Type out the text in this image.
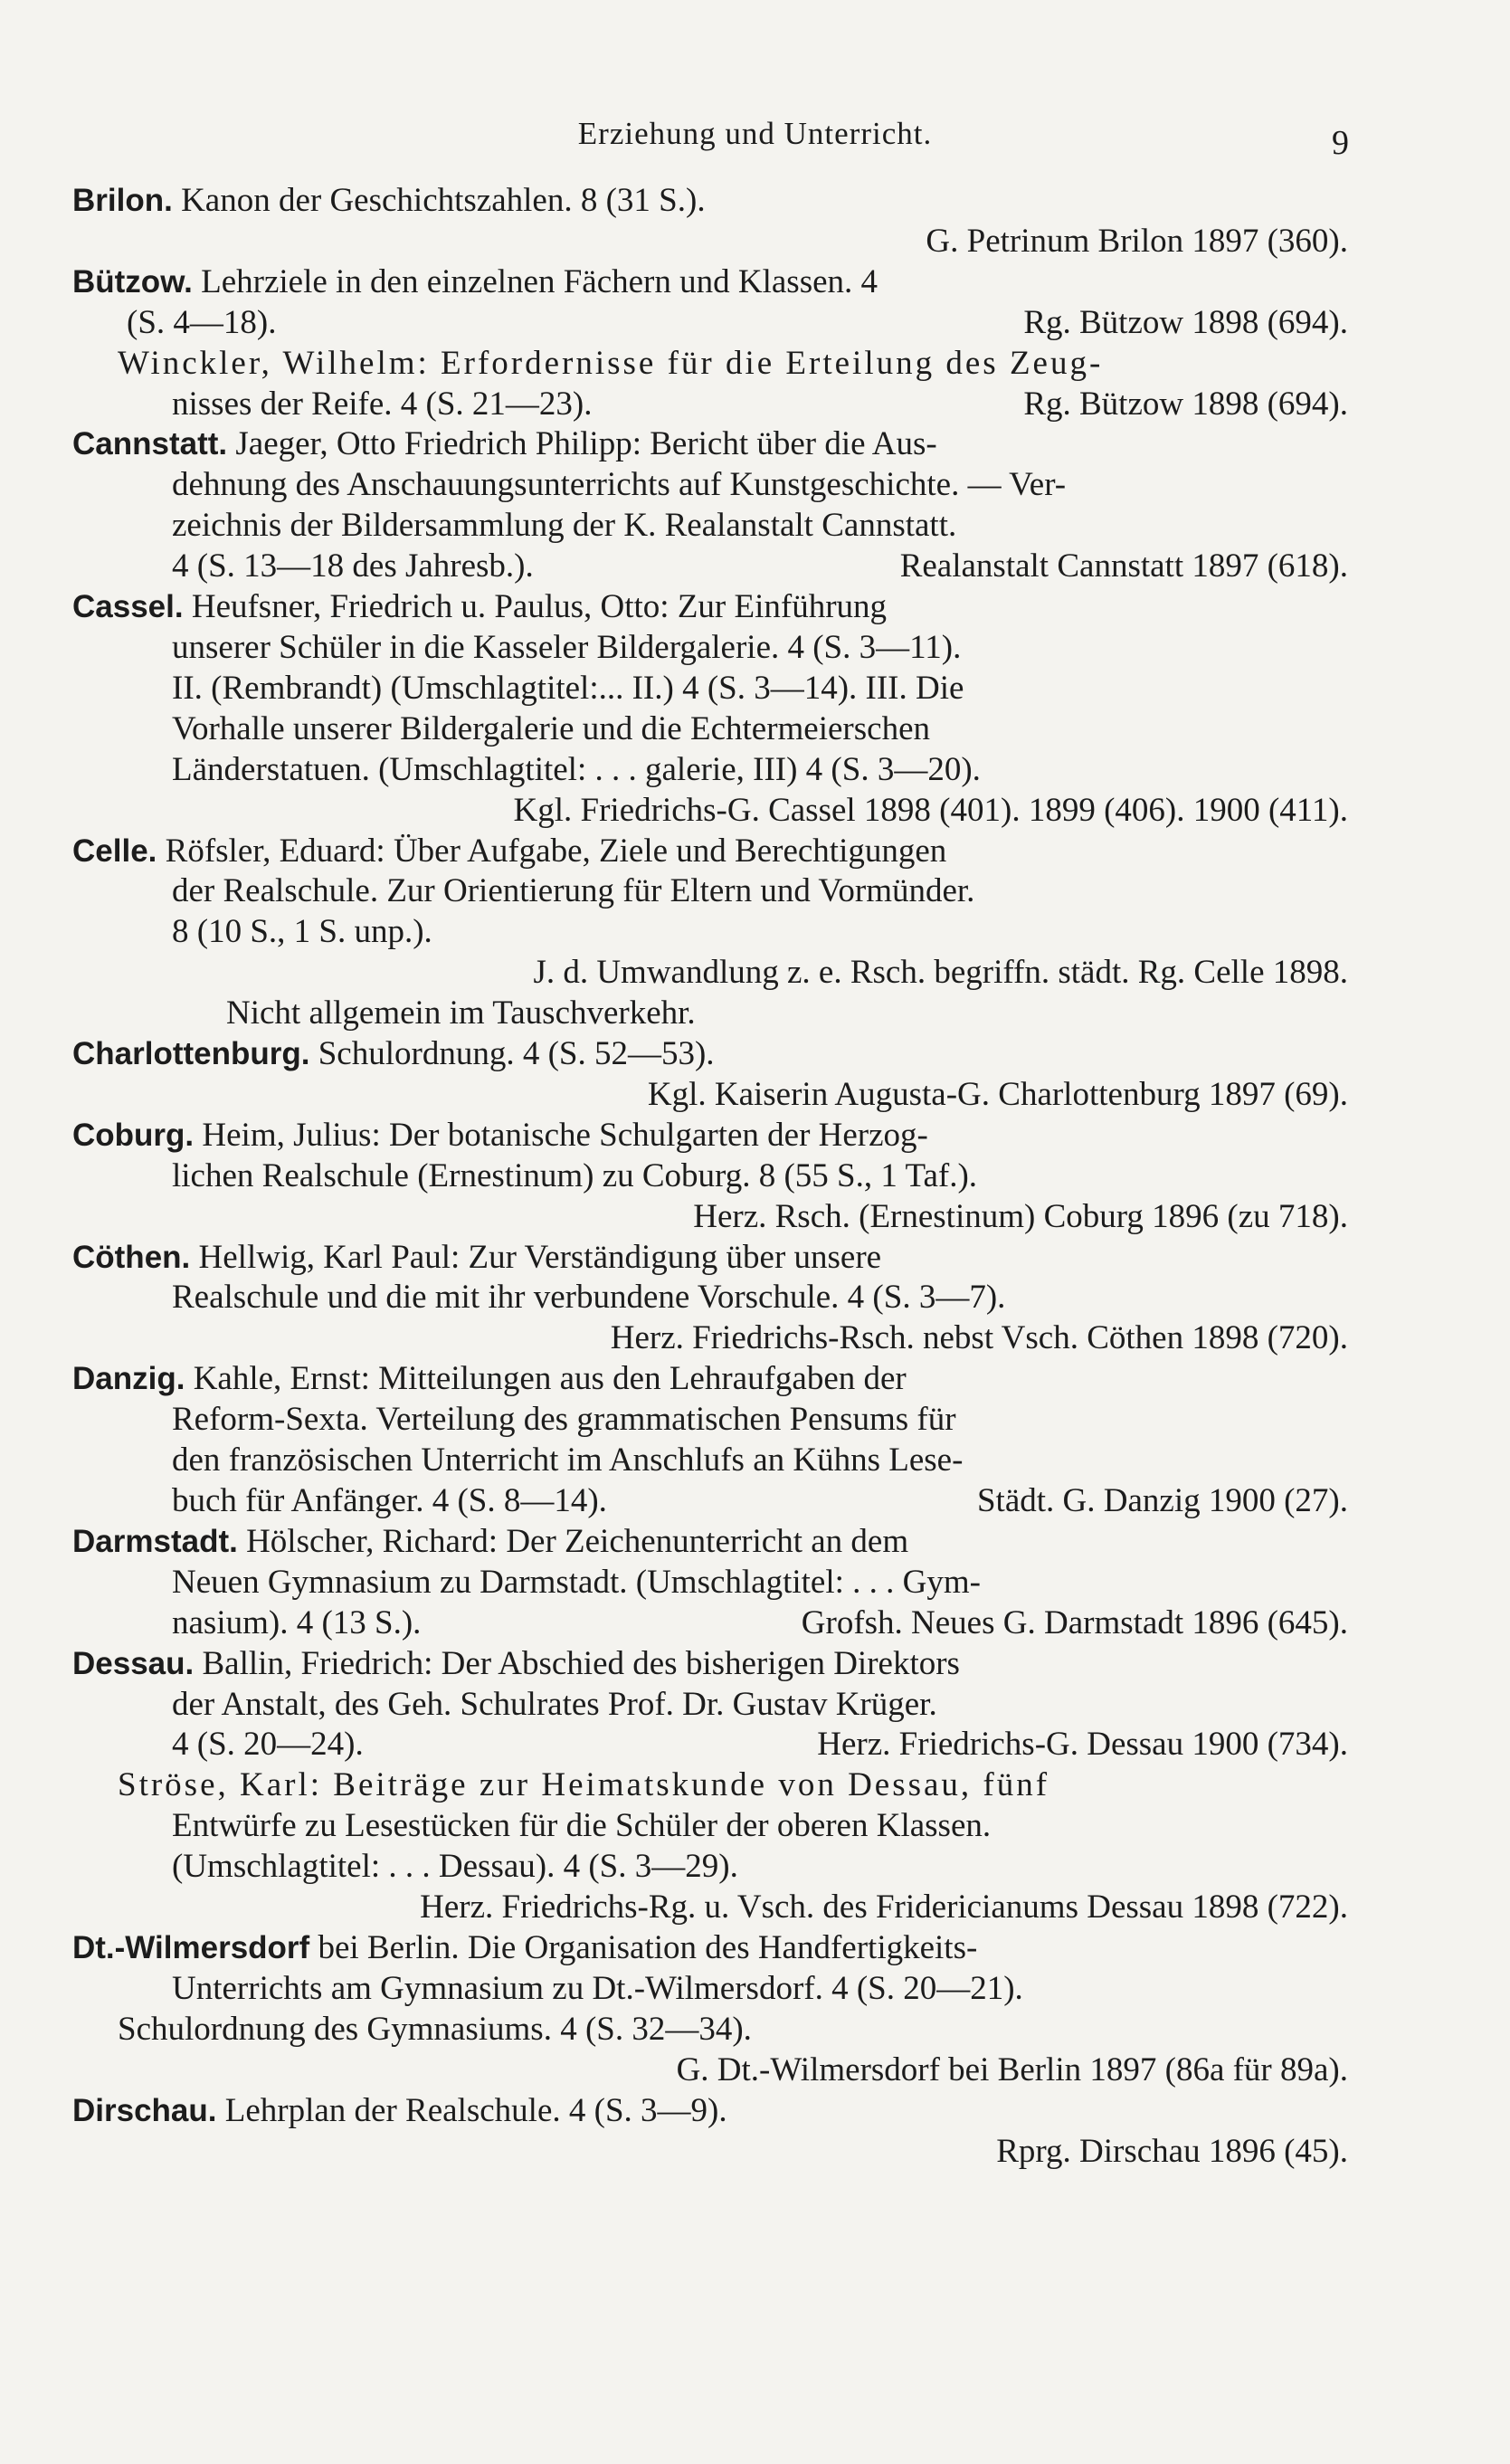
Erziehung und Unterricht.	9
Brilon. Kanon der Geschichtszahlen. 8 (31 S.).
G. Petrinum Brilon 1897 (360).
Bützow. Lehrziele in den einzelnen Fächern und Klassen. 4
(S. 4—18).	Rg. Bützow 1898 (694).
Winckler, Wilhelm: Erfordernisse für die Erteilung des Zeug-
nisses der Reife. 4 (S. 21—23).	Rg. Bützow 1898 (694).
Cannstatt. Jaeger, Otto Friedrich Philipp: Bericht über die Aus-
dehnung des Anschauungsunterrichts auf Kunstgeschichte. — Ver-
zeichnis der Bildersammlung der K. Realanstalt Cannstatt.
4 (S. 13—18 des Jahresb.).	Realanstalt Cannstatt 1897 (618).
Cassel. Heufsner, Friedrich u. Paulus, Otto: Zur Einführung
unserer Schüler in die Kasseler Bildergalerie. 4 (S. 3—11).
II. (Rembrandt) (Umschlagtitel:... II.) 4 (S. 3—14). III. Die
Vorhalle unserer Bildergalerie und die Echtermeierschen
Länderstatuen. (Umschlagtitel: . . . galerie, III) 4 (S. 3—20).
Kgl. Friedrichs-G. Cassel 1898 (401). 1899 (406). 1900 (411).
Celle. Röfsler, Eduard: Über Aufgabe, Ziele und Berechtigungen
der Realschule. Zur Orientierung für Eltern und Vormünder.
8 (10 S., 1 S. unp.).
J. d. Umwandlung z. e. Rsch. begriffn. städt. Rg. Celle 1898.
Nicht allgemein im Tauschverkehr.
Charlottenburg. Schulordnung. 4 (S. 52—53).
Kgl. Kaiserin Augusta-G. Charlottenburg 1897 (69).
Coburg. Heim, Julius: Der botanische Schulgarten der Herzog-
lichen Realschule (Ernestinum) zu Coburg. 8 (55 S., 1 Taf.).
Herz. Rsch. (Ernestinum) Coburg 1896 (zu 718).
Cöthen. Hellwig, Karl Paul: Zur Verständigung über unsere
Realschule und die mit ihr verbundene Vorschule. 4 (S. 3—7).
Herz. Friedrichs-Rsch. nebst Vsch. Cöthen 1898 (720).
Danzig. Kahle, Ernst: Mitteilungen aus den Lehraufgaben der
Reform-Sexta. Verteilung des grammatischen Pensums für
den französischen Unterricht im Anschlufs an Kühns Lese-
buch für Anfänger. 4 (S. 8—14).	Städt. G. Danzig 1900 (27).
Darmstadt. Hölscher, Richard: Der Zeichenunterricht an dem
Neuen Gymnasium zu Darmstadt. (Umschlagtitel: . . . Gym-
nasium). 4 (13 S.).	Grofsh. Neues G. Darmstadt 1896 (645).
Dessau. Ballin, Friedrich: Der Abschied des bisherigen Direktors
der Anstalt, des Geh. Schulrates Prof. Dr. Gustav Krüger.
4 (S. 20—24).	Herz. Friedrichs-G. Dessau 1900 (734).
Ströse, Karl: Beiträge zur Heimatskunde von Dessau, fünf
Entwürfe zu Lesestücken für die Schüler der oberen Klassen.
(Umschlagtitel: . . . Dessau). 4 (S. 3—29).
Herz. Friedrichs-Rg. u. Vsch. des Fridericianums Dessau 1898 (722).
Dt.-Wilmersdorf bei Berlin. Die Organisation des Handfertigkeits-
Unterrichts am Gymnasium zu Dt.-Wilmersdorf. 4 (S. 20—21).
Schulordnung des Gymnasiums. 4 (S. 32—34).
G. Dt.-Wilmersdorf bei Berlin 1897 (86a für 89a).
Dirschau. Lehrplan der Realschule. 4 (S. 3—9).
Rprg. Dirschau 1896 (45).
